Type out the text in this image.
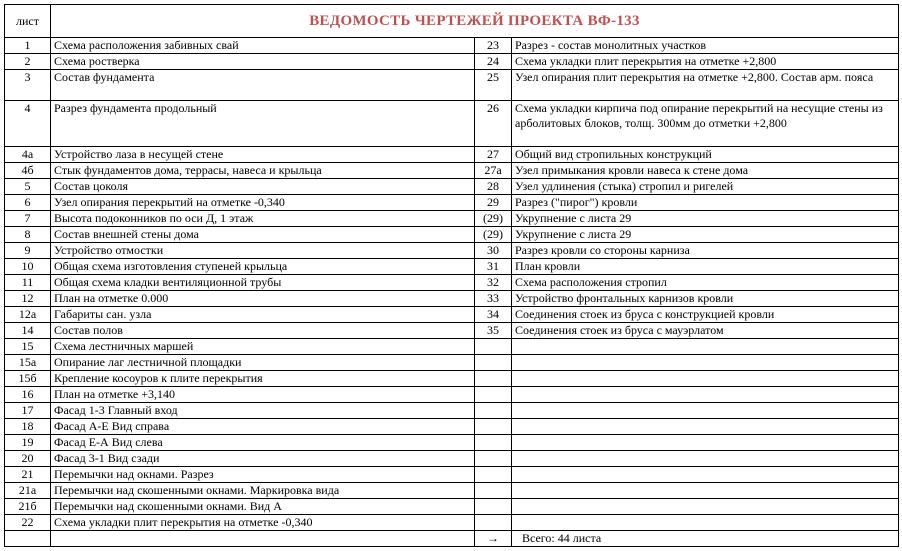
лист	ВЕДОМОСТЬ ЧЕРТЕЖЕЙ ПРОЕКТА ВФ-133		
1	Схема расположения забивных свай	23	Разрез - состав монолитных участков
2	Схема ростверка	24	Схема укладки плит перекрытия на отметке +2,800
3	Состав фундамента	25	Узел опирания плит перекрытия на отметке +2,800. Состав арм. пояса
4	Разрез фундамента продольный	26	Схема укладки кирпича под опирание перекрытий на несущие стены из арболитовых блоков, толщ. 300мм до отметки +2,800
4а	Устройство лаза в несущей стене	27	Общий вид стропильных конструкций
4б	Стык фундаментов дома, террасы, навеса и крыльца	27а	Узел примыкания кровли навеса к стене дома
5	Состав цоколя	28	Узел удлинения (стыка) стропил и ригелей
6	Узел опирания перекрытий на отметке -0,340	29	Разрез ("пирог") кровли
7	Высота подоконников по оси Д, 1 этаж	(29)	Укрупнение с листа 29
8	Состав внешней стены дома	(29)	Укрупнение с листа 29
9	Устройство отмостки	30	Разрез кровли со стороны карниза
10	Общая схема изготовления ступеней крыльца	31	План кровли
11	Общая схема кладки вентиляционной трубы	32	Схема расположения стропил
12	План на отметке 0.000	33	Устройство фронтальных карнизов кровли
12а	Габариты сан. узла	34	Соединения стоек из бруса с конструкцией кровли
14	Состав полов	35	Соединения стоек из бруса с мауэрлатом
15	Схема лестничных маршей		
15а	Опирание лаг лестничной площадки		
15б	Крепление косоуров к плите перекрытия		
16	План на отметке +3,140		
17	Фасад 1-3 Главный вход		
18	Фасад А-Е Вид справа		
19	Фасад Е-А Вид слева		
20	Фасад 3-1 Вид сзади		
21	Перемычки над окнами. Разрез		
21а	Перемычки над скошенными окнами. Маркировка вида		
21б	Перемычки над скошенными окнами. Вид А		
22	Схема укладки плит перекрытия на отметке -0,340		
		→	Всего: 44 листа
